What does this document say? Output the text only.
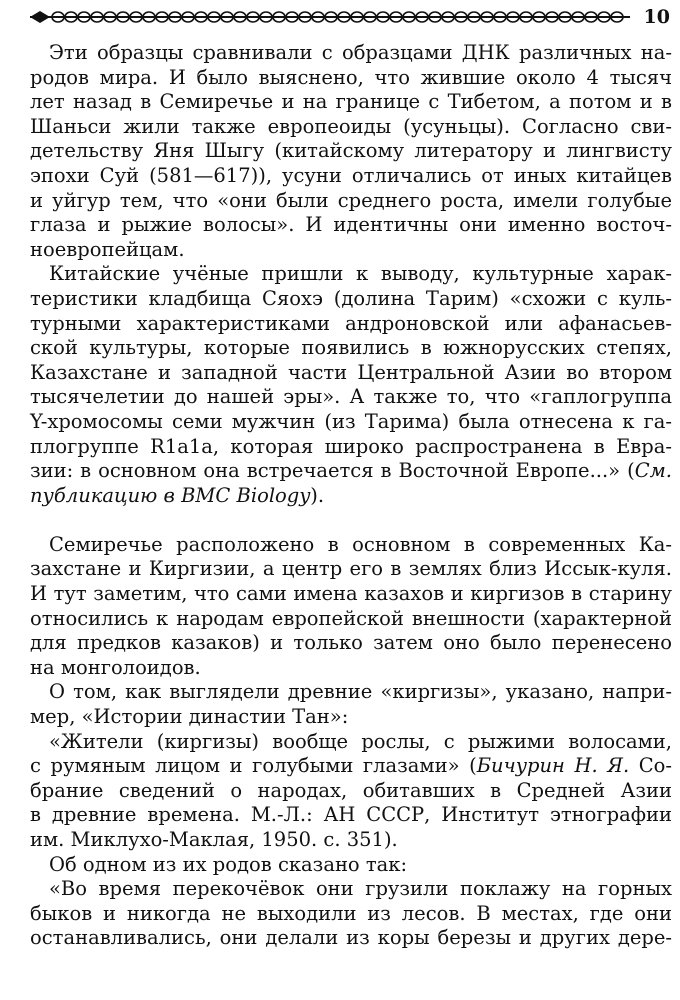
10
Эти образцы сравнивали с образцами ДНК различных на-
родов мира. И было выяснено, что жившие около 4 тысяч
лет назад в Семиречье и на границе с Тибетом, а потом и в
Шаньси жили также европеоиды (усуньцы). Согласно сви-
детельству Яня Шыгу (китайскому литератору и лингвисту
эпохи Суй (581—617)), усуни отличались от иных китайцев
и уйгур тем, что «они были среднего роста, имели голубые
глаза и рыжие волосы». И идентичны они именно восточ-
ноевропейцам.
Китайские учёные пришли к выводу, культурные харак-
теристики кладбища Сяохэ (долина Тарим) «схожи с куль-
турными характеристиками андроновской или афанасьев-
ской культуры, которые появились в южнорусских степях,
Казахстане и западной части Центральной Азии во втором
тысячелетии до нашей эры». А также то, что «гаплогруппа
Y-хромосомы семи мужчин (из Тарима) была отнесена к га-
плогруппе R1a1a, которая широко распространена в Евра-
зии: в основном она встречается в Восточной Европе...» (См.
публикацию в BMC Biology).
Семиречье расположено в основном в современных Ка-
захстане и Киргизии, а центр его в землях близ Иссык-куля.
И тут заметим, что сами имена казахов и киргизов в старину
относились к народам европейской внешности (характерной
для предков казаков) и только затем оно было перенесено
на монголоидов.
О том, как выглядели древние «киргизы», указано, напри-
мер, «Истории династии Тан»:
«Жители (киргизы) вообще рослы, с рыжими волосами,
с румяным лицом и голубыми глазами» (Бичурин Н. Я. Со-
брание сведений о народах, обитавших в Средней Азии
в древние времена. М.-Л.: АН СССР, Институт этнографии
им. Миклухо-Маклая, 1950. с. 351).
Об одном из их родов сказано так:
«Во время перекочёвок они грузили поклажу на горных
быков и никогда не выходили из лесов. В местах, где они
останавливались, они делали из коры березы и других дере-
